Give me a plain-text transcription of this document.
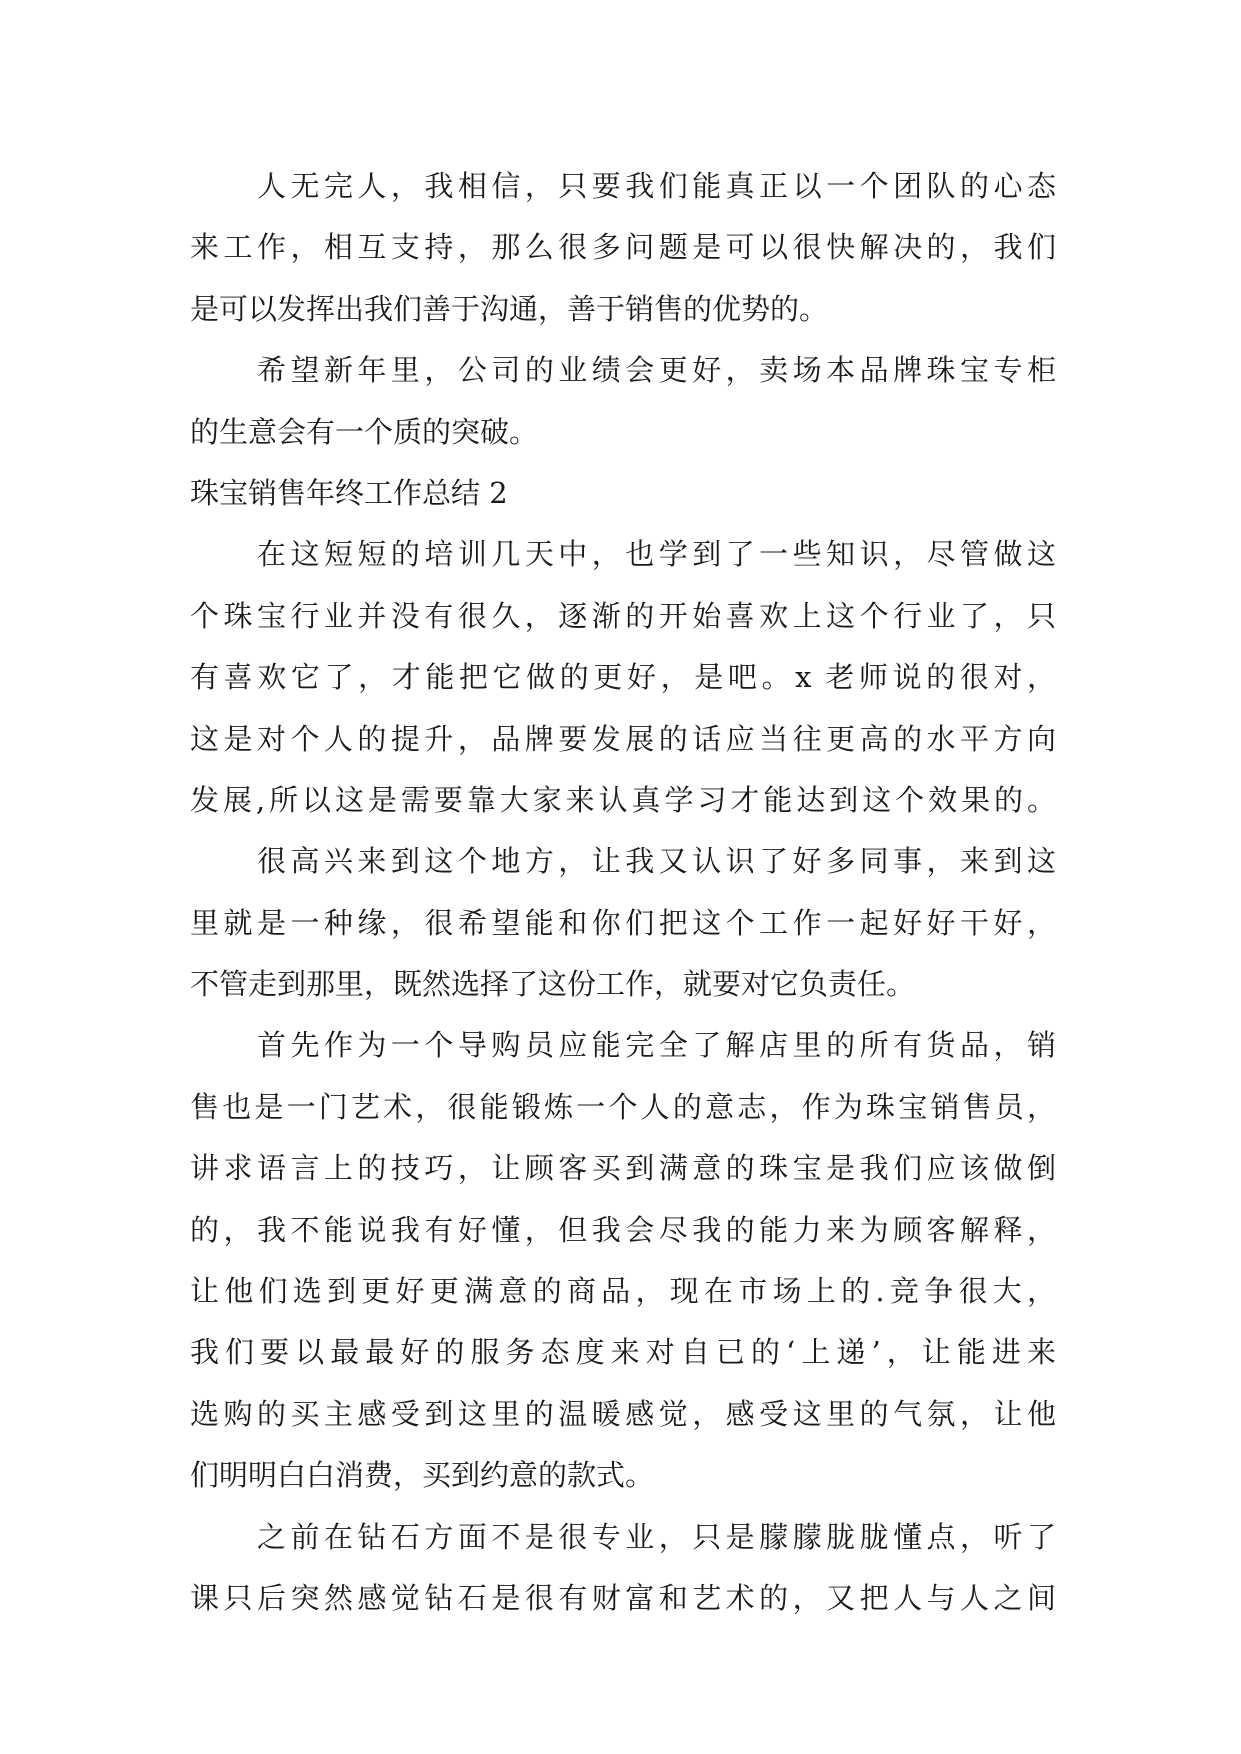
人无完人，我相信，只要我们能真正以一个团队的心态
来工作，相互支持，那么很多问题是可以很快解决的，我们
是可以发挥出我们善于沟通，善于销售的优势的。
希望新年里，公司的业绩会更好，卖场本品牌珠宝专柜
的生意会有一个质的突破。
珠宝销售年终工作总结 2
在这短短的培训几天中，也学到了一些知识，尽管做这
个珠宝行业并没有很久，逐渐的开始喜欢上这个行业了，只
有喜欢它了，才能把它做的更好，是吧。x 老师说的很对，
这是对个人的提升，品牌要发展的话应当往更高的水平方向
发展,所以这是需要靠大家来认真学习才能达到这个效果的。
很高兴来到这个地方，让我又认识了好多同事，来到这
里就是一种缘，很希望能和你们把这个工作一起好好干好，
不管走到那里，既然选择了这份工作，就要对它负责任。
首先作为一个导购员应能完全了解店里的所有货品，销
售也是一门艺术，很能锻炼一个人的意志，作为珠宝销售员，
讲求语言上的技巧，让顾客买到满意的珠宝是我们应该做倒
的，我不能说我有好懂，但我会尽我的能力来为顾客解释，
让他们选到更好更满意的商品，现在市场上的.竞争很大，
我们要以最最好的服务态度来对自已的‘上递’，让能进来
选购的买主感受到这里的温暖感觉，感受这里的气氛，让他
们明明白白消费，买到约意的款式。
之前在钻石方面不是很专业，只是朦朦胧胧懂点，听了
课只后突然感觉钻石是很有财富和艺术的，又把人与人之间
